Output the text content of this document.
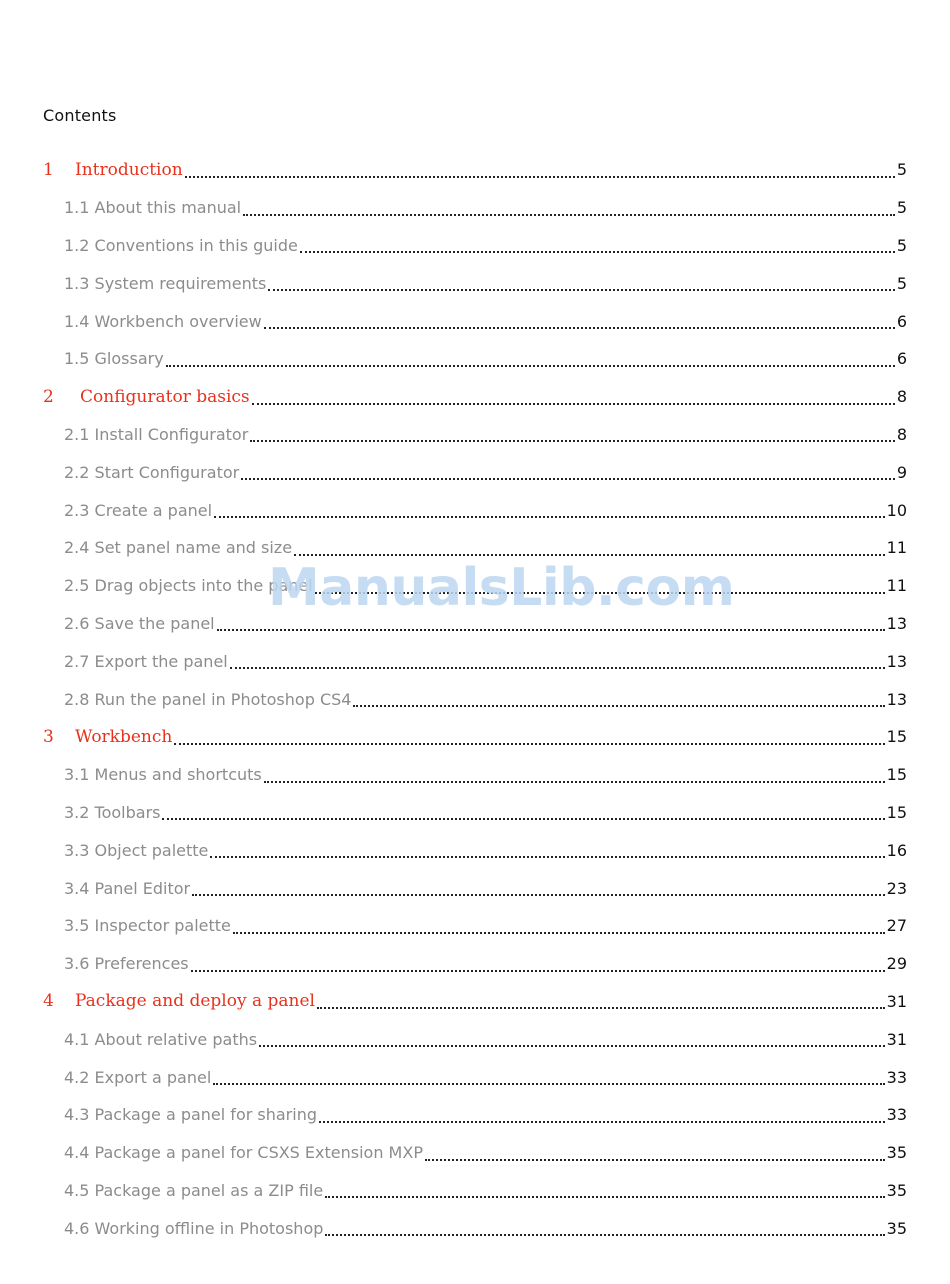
Contents
1	Introduction	5
1.1 About this manual	5
1.2 Conventions in this guide	5
1.3 System requirements	5
1.4 Workbench overview	6
1.5 Glossary	6
2	Configurator basics	8
2.1 Install Configurator	8
2.2 Start Configurator	9
2.3 Create a panel	10
2.4 Set panel name and size	11
2.5 Drag objects into the panel	11
2.6 Save the panel	13
2.7 Export the panel	13
2.8 Run the panel in Photoshop CS4	13
3	Workbench	15
3.1 Menus and shortcuts	15
3.2 Toolbars	15
3.3 Object palette	16
3.4 Panel Editor	23
3.5 Inspector palette	27
3.6 Preferences	29
4	Package and deploy a panel	31
4.1 About relative paths	31
4.2 Export a panel	33
4.3 Package a panel for sharing	33
4.4 Package a panel for CSXS Extension MXP	35
4.5 Package a panel as a ZIP file	35
4.6 Working offline in Photoshop	35
ManualsLib.com
